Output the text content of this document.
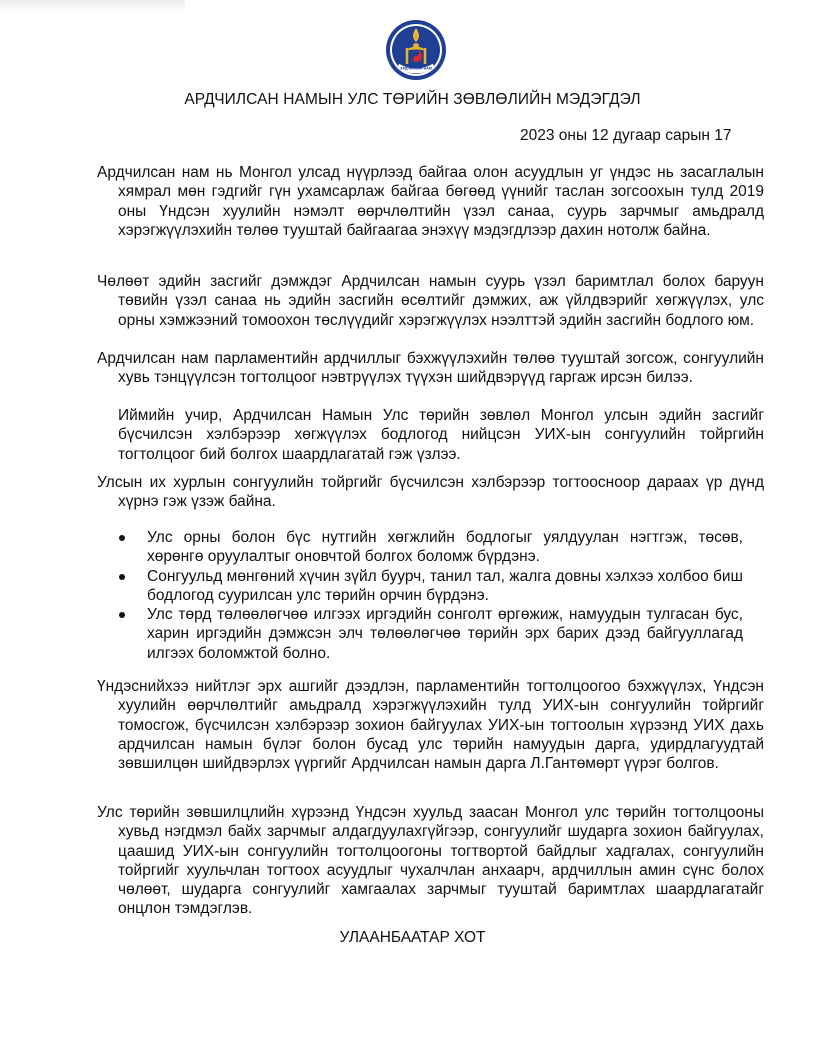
АРДЧИЛСАН НАМ
АРДЧИЛСАН НАМЫН УЛС ТӨРИЙН ЗӨВЛӨЛИЙН МЭДЭГДЭЛ
2023 оны 12 дугаар сарын 17

Ардчилсан нам нь Монгол улсад нүүрлээд байгаа олон асуудлын уг үндэс нь засаглалын хямрал мөн гэдгийг гүн ухамсарлаж байгаа бөгөөд үүнийг таслан зогсоохын тулд 2019 оны Үндсэн хуулийн нэмэлт өөрчлөлтийн үзэл санаа, суурь зарчмыг амьдралд хэрэгжүүлэхийн төлөө тууштай байгаагаа энэхүү мэдэгдлээр дахин нотолж байна.

Чөлөөт эдийн засгийг дэмждэг Ардчилсан намын суурь үзэл баримтлал болох баруун төвийн үзэл санаа нь эдийн засгийн өсөлтийг дэмжих, аж үйлдвэрийг хөгжүүлэх, улс орны хэмжээний томоохон төслүүдийг хэрэгжүүлэх нээлттэй эдийн засгийн бодлого юм.

Ардчилсан нам парламентийн ардчиллыг бэхжүүлэхийн төлөө тууштай зогсож, сонгуулийн хувь тэнцүүлсэн тогтолцоог нэвтрүүлэх түүхэн шийдвэрүүд гаргаж ирсэн билээ.

Иймийн учир, Ардчилсан Намын Улс төрийн зөвлөл Монгол улсын эдийн засгийг бүсчилсэн хэлбэрээр хөгжүүлэх бодлогод нийцсэн УИХ-ын сонгуулийн тойргийн тогтолцоог бий болгох шаардлагатай гэж үзлээ.

Улсын их хурлын сонгуулийн тойргийг бүсчилсэн хэлбэрээр тогтоосноор дараах үр дүнд хүрнэ гэж үзэж байна.

Улс орны болон бүс нутгийн хөгжлийн бодлогыг уялдуулан нэгтгэж, төсөв, хөрөнгө оруулалтыг оновчтой болгох боломж бүрдэнэ.
Сонгуульд мөнгөний хүчин зүйл буурч, танил тал, жалга довны хэлхээ холбоо биш бодлогод суурилсан улс төрийн орчин бүрдэнэ.
Улс төрд төлөөлөгчөө илгээх иргэдийн сонголт өргөжиж, намуудын тулгасан бус, харин иргэдийн дэмжсэн элч төлөөлөгчөө төрийн эрх барих дээд байгууллагад илгээх боломжтой болно.

Үндэснийхээ нийтлэг эрх ашгийг дээдлэн, парламентийн тогтолцоогоо бэхжүүлэх, Үндсэн хуулийн өөрчлөлтийг амьдралд хэрэгжүүлэхийн тулд УИХ-ын сонгуулийн тойргийг томосгож, бүсчилсэн хэлбэрээр зохион байгуулах УИХ-ын тогтоолын хүрээнд УИХ дахь ардчилсан намын бүлэг болон бусад улс төрийн намуудын дарга, удирдлагуудтай зөвшилцөн шийдвэрлэх үүргийг Ардчилсан намын дарга Л.Гантөмөрт үүрэг болгов.

Улс төрийн зөвшилцлийн хүрээнд Үндсэн хуульд заасан Монгол улс төрийн тогтолцооны хувьд нэгдмэл байх зарчмыг алдагдуулахгүйгээр, сонгуулийг шударга зохион байгуулах, цаашид УИХ-ын сонгуулийн тогтолцоогоны тогтвортой байдлыг хадгалах, сонгуулийн тойргийг хуульчлан тогтоох асуудлыг чухалчлан анхаарч, ардчиллын амин сүнс болох чөлөөт, шударга сонгуулийг хамгаалах зарчмыг тууштай баримтлах шаардлагатайг онцлон тэмдэглэв.

УЛААНБААТАР ХОТ
